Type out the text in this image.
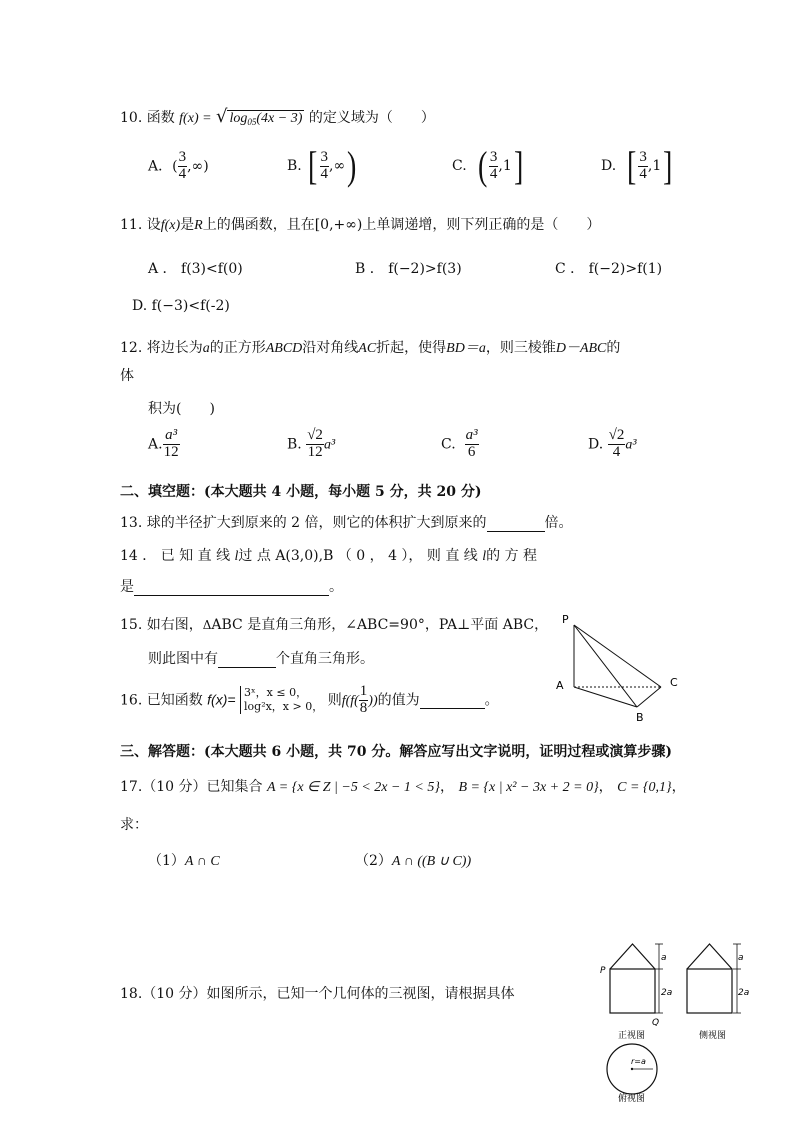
10. 函数 f(x) = √ $\log_{05}(4x - 3)$ 的定义域为（　　）
A．( $\frac{3}{4}$ ,∞)	B. [ $\frac{3}{4}$ ,∞)	C. ( $\frac{3}{4} ,1$]	D. [ $\frac{3}{4} ,1$]
11. 设f(x)是R上的偶函数，且在[0,+∞)上单调递增，则下列正确的是（　　）
A ． f(3)<f(0)	B ． f(−2)>f(3)	C ． f(−2)>f(1)
D. f(−3)<f(-2)
12. 将边长为a的正方形ABCD沿对角线AC折起，使得BD＝a，则三棱锥D－ABC的
体
积为(　　)
A. $\frac{\text{a³}}{12}$	B. $\frac{√2}{12} a^3$	C. $\frac{\text{a³}}{6}$	D. $\frac{√2}{4} a^3$
二、填空题：(本大题共 4 小题，每小题 5 分，共 20 分)
13. 球的半径扩大到原来的 2 倍，则它的体积扩大到原来的	倍。
14 ． 已 知 直 线 l过 点 A(3,0),B （ 0 ， 4 ）， 则 直 线 l的 方 程
是	。
15. 如右图，ΔABC 是直角三角形，∠ABC=90°，PA⊥平面 ABC，
则此图中有	个直角三角形。
16. 已知函数 f(x)= 3ˣ，x ≤ 0，
log²x，x > 0， 则$f(f( \frac{1}{8}$ ))的值为	。
P
A
B
C
三、解答题：(本大题共 6 小题，共 70 分。解答应写出文字说明，证明过程或演算步骤)
17.（10 分）已知集合 A = {x ∈ Z | −5 < 2x − 1 < 5}， B = {x | x² − 3x + 2 = 0}， C = {0,1}，
求：
（1）A ∩ C	（2）A ∩ ((B ∪ C))
18.（10 分）如图所示，已知一个几何体的三视图，请根据具体
a
2a
P
Q
正视图
a
2a
侧视图
r=a
俯视图
